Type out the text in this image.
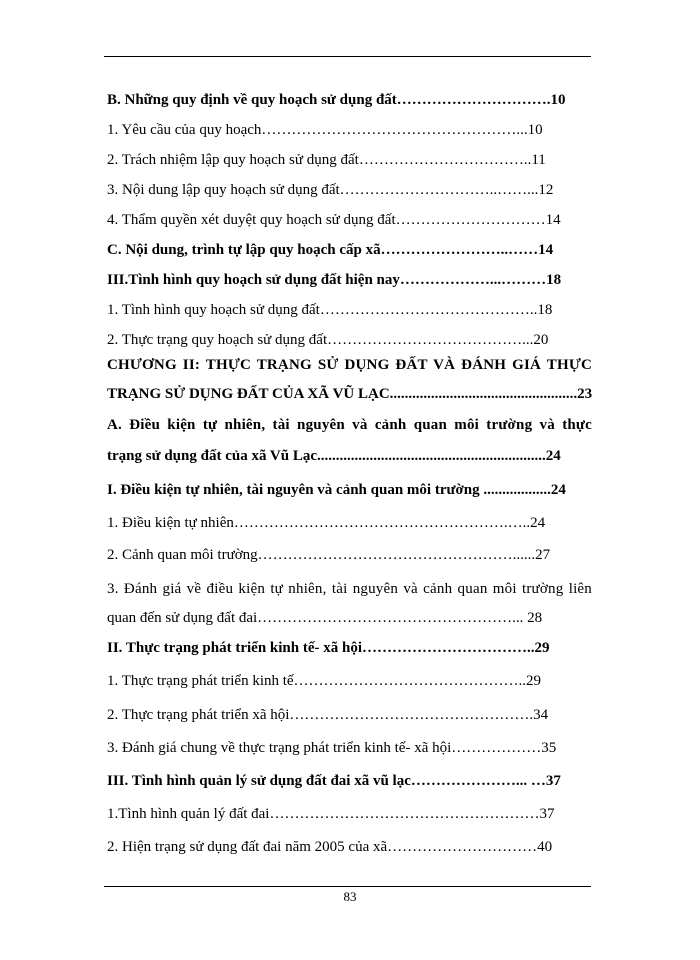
B. Những quy định về quy hoạch sử dụng đất………………………….10
1. Yêu cầu của quy hoạch……………………………………………...10
2. Trách nhiệm lập quy hoạch sử dụng đất……………………………..11
3. Nội dung lập quy hoạch sử dụng đất…………………………..……...12
4. Thẩm quyền xét duyệt quy hoạch sử dụng đất…………………………14
C. Nội dung, trình tự lập quy hoạch cấp xã……………………..……14
III.Tình hình quy hoạch sử dụng đất hiện nay………………...………18
1. Tình hình quy hoạch sử dụng đất……………………………………..18
2. Thực trạng quy hoạch sử dụng đất…………………………………...20
CHƯƠNG II: THỰC TRẠNG SỬ DỤNG ĐẤT VÀ ĐÁNH GIÁ THỰC
TRẠNG SỬ DỤNG ĐẤT CỦA XÃ VŨ LẠC..................................................23
A. Điều kiện tự nhiên, tài nguyên và cảnh quan môi trường và thực
trạng sử dụng đất của xã Vũ Lạc.............................................................24
I. Điều kiện tự nhiên, tài nguyên và cảnh quan môi trường ..................24
1. Điều kiện tự nhiên……………………………………………….…..24
2. Cảnh quan môi trường……………………………………………......27
3. Đánh giá về điều kiện tự nhiên, tài nguyên và cảnh quan môi trường liên
quan đến sử dụng đất đai……………………………………………... 28
II. Thực trạng phát triển kinh tế- xã hội……………………………..29
1. Thực trạng phát triển kinh tế………………………………………..29
2. Thực trạng phát triển xã hội………………………………………….34
3. Đánh giá chung về thực trạng phát triển kinh tế- xã hội………………35
III. Tình hình quản lý sử dụng đất đai xã vũ lạc…………………... …37
1.Tình hình quản lý đất đai………………………………………………37
2. Hiện trạng sử dụng đất đai năm 2005 của xã…………………………40
83
